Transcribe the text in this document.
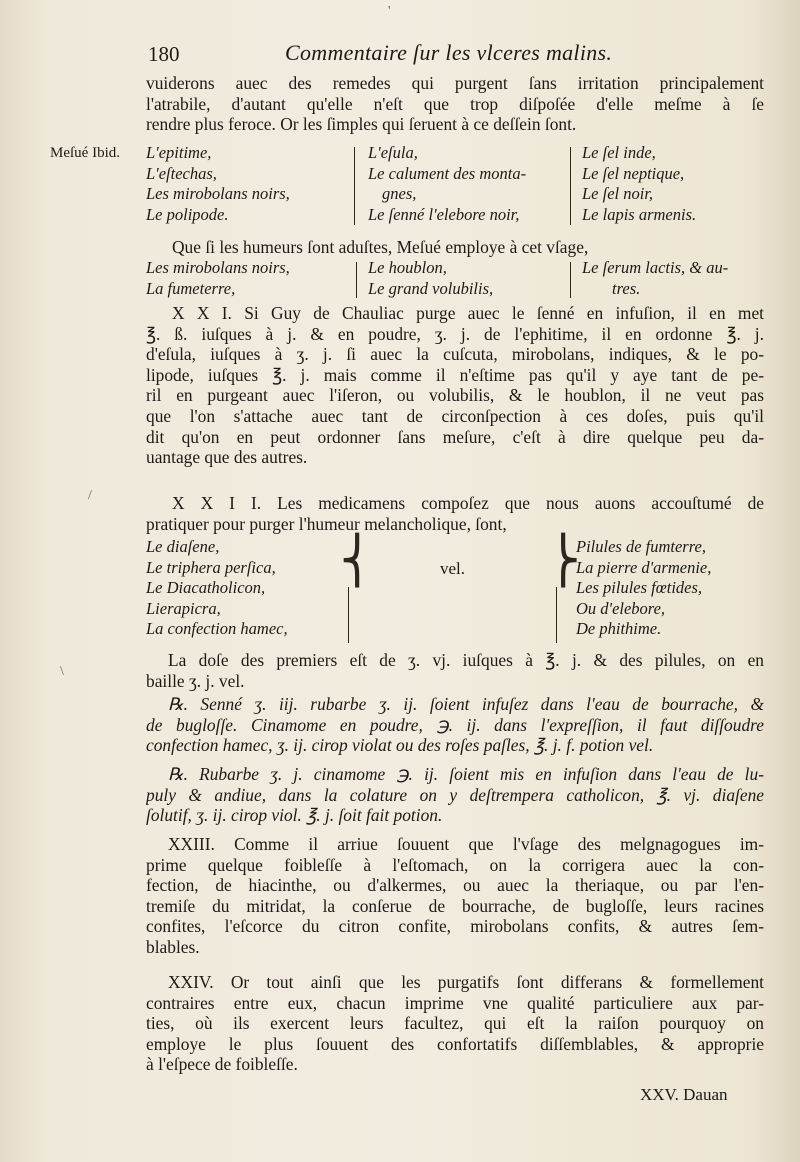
180	Commentaire ſur les vlceres malins.
Meſué Ibid.
vuiderons auec des remedes qui purgent ſans irritation principalement
l'atrabile, d'autant qu'elle n'eſt que trop diſpoſée d'elle meſme à ſe
rendre plus feroce. Or les ſimples qui ſeruent à ce deſſein ſont.
L'epitime,
L'eſtechas,
Les mirobolans noirs,
Le polipode.
L'eſula,
Le calument des monta-
gnes,
Le ſenné l'elebore noir,
Le ſel inde,
Le ſel neptique,
Le ſel noir,
Le lapis armenis.
Que ſi les humeurs ſont aduſtes, Meſué employe à cet vſage,
Les mirobolans noirs,
La fumeterre,
Le houblon,
Le grand volubilis,
Le ſerum lactis, & au-
tres.
X X I. Si Guy de Chauliac purge auec le ſenné en infuſion, il en met
℥. ß. iuſques à j. & en poudre, ʒ. j. de l'ephitime, il en ordonne ℥. j.
d'eſula, iuſques à ʒ. j. ſi auec la cuſcuta, mirobolans, indiques, & le po-
lipode, iuſques ℥. j. mais comme il n'eſtime pas qu'il y aye tant de pe-
ril en purgeant auec l'iſeron, ou volubilis, & le houblon, il ne veut pas
que l'on s'attache auec tant de circonſpection à ces doſes, puis qu'il
dit qu'on en peut ordonner ſans meſure, c'eſt à dire quelque peu da-
uantage que des autres.
X X I I. Les medicamens compoſez que nous auons accouſtumé de
pratiquer pour purger l'humeur melancholique, ſont,
Le diaſene,
Le triphera perſica,
Le Diacatholicon,
Lierapicra,
La confection hamec,
⎨	vel. ⎬
Pilules de fumterre,
La pierre d'armenie,
Les pilules fœtides,
Ou d'elebore,
De phithime.
La doſe des premiers eſt de ʒ. vj. iuſques à ℥. j. & des pilules, on en
baille ʒ. j. vel.
℞. Senné ʒ. iij. rubarbe ʒ. ij. ſoient infuſez dans l'eau de bourrache, &
de bugloſſe. Cinamome en poudre, ℈. ij. dans l'expreſſion, il faut diſſoudre
confection hamec, ʒ. ij. cirop violat ou des roſes paſles, ℥. j. f. potion vel.
℞. Rubarbe ʒ. j. cinamome ℈. ij. ſoient mis en infuſion dans l'eau de lu-
puly & andiue, dans la colature on y deſtrempera catholicon, ℥. vj. diaſene
ſolutif, ʒ. ij. cirop viol. ℥. j. ſoit fait potion.
XXIII. Comme il arriue ſouuent que l'vſage des melgnagogues im-
prime quelque foibleſſe à l'eſtomach, on la corrigera auec la con-
fection, de hiacinthe, ou d'alkermes, ou auec la theriaque, ou par l'en-
tremiſe du mitridat, la conſerue de bourrache, de bugloſſe, leurs racines
confites, l'eſcorce du citron confite, mirobolans confits, & autres ſem-
blables.
XXIV. Or tout ainſi que les purgatifs ſont differans & formellement
contraires entre eux, chacun imprime vne qualité particuliere aux par-
ties, où ils exercent leurs facultez, qui eſt la raiſon pourquoy on
employe le plus ſouuent des confortatifs diſſemblables, & approprie
à l'eſpece de foibleſſe.
XXV. Dauan
'
/
\
